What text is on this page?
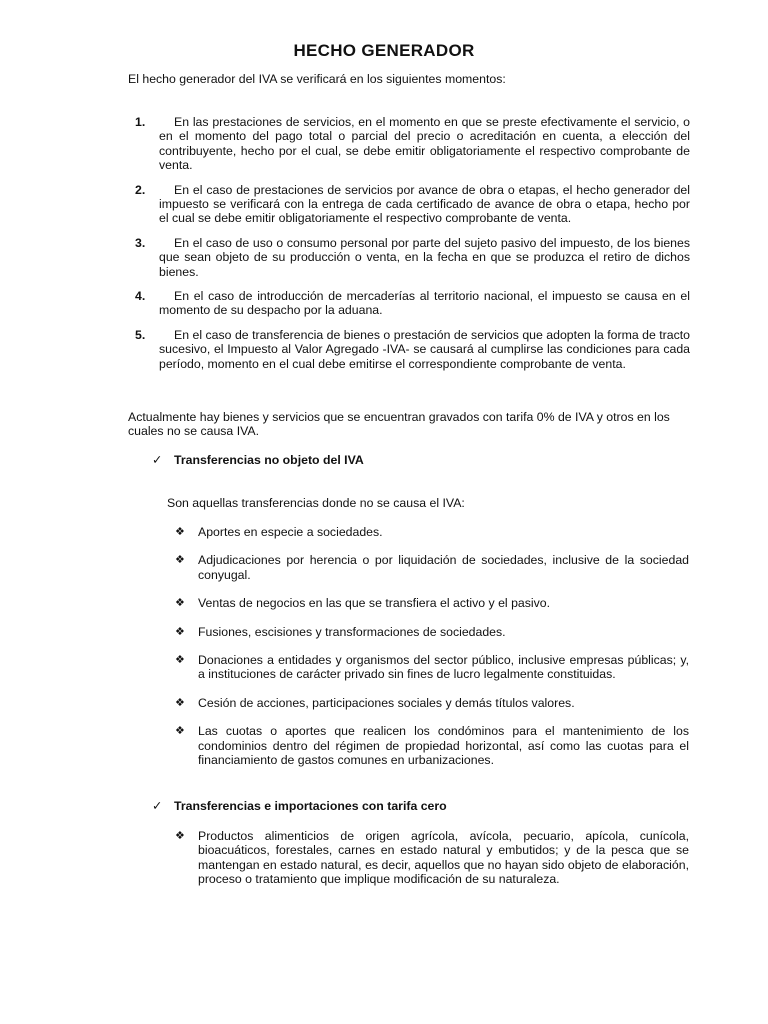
HECHO GENERADOR
El hecho generador del IVA se verificará en los siguientes momentos:
1.	En las prestaciones de servicios, en el momento en que se preste efectivamente el servicio, o en el momento del pago total o parcial del precio o acreditación en cuenta, a elección del contribuyente, hecho por el cual, se debe emitir obligatoriamente el respectivo comprobante de venta.
2.	En el caso de prestaciones de servicios por avance de obra o etapas, el hecho generador del impuesto se verificará con la entrega de cada certificado de avance de obra o etapa, hecho por el cual se debe emitir obligatoriamente el respectivo comprobante de venta.
3.	En el caso de uso o consumo personal por parte del sujeto pasivo del impuesto, de los bienes que sean objeto de su producción o venta, en la fecha en que se produzca el retiro de dichos bienes.
4.	En el caso de introducción de mercaderías al territorio nacional, el impuesto se causa en el momento de su despacho por la aduana.
5.	En el caso de transferencia de bienes o prestación de servicios que adopten la forma de tracto sucesivo, el Impuesto al Valor Agregado -IVA- se causará al cumplirse las condiciones para cada período, momento en el cual debe emitirse el correspondiente comprobante de venta.
Actualmente hay bienes y servicios que se encuentran gravados con tarifa 0% de IVA y otros en los cuales no se causa IVA.
✓ Transferencias no objeto del IVA
Son aquellas transferencias donde no se causa el IVA:
❖ Aportes en especie a sociedades.
❖ Adjudicaciones por herencia o por liquidación de sociedades, inclusive de la sociedad conyugal.
❖ Ventas de negocios en las que se transfiera el activo y el pasivo.
❖ Fusiones, escisiones y transformaciones de sociedades.
❖ Donaciones a entidades y organismos del sector público, inclusive empresas públicas; y, a instituciones de carácter privado sin fines de lucro legalmente constituidas.
❖ Cesión de acciones, participaciones sociales y demás títulos valores.
❖ Las cuotas o aportes que realicen los condóminos para el mantenimiento de los condominios dentro del régimen de propiedad horizontal, así como las cuotas para el financiamiento de gastos comunes en urbanizaciones.
✓ Transferencias e importaciones con tarifa cero
❖ Productos alimenticios de origen agrícola, avícola, pecuario, apícola, cunícola, bioacuáticos, forestales, carnes en estado natural y embutidos; y de la pesca que se mantengan en estado natural, es decir, aquellos que no hayan sido objeto de elaboración, proceso o tratamiento que implique modificación de su naturaleza.
